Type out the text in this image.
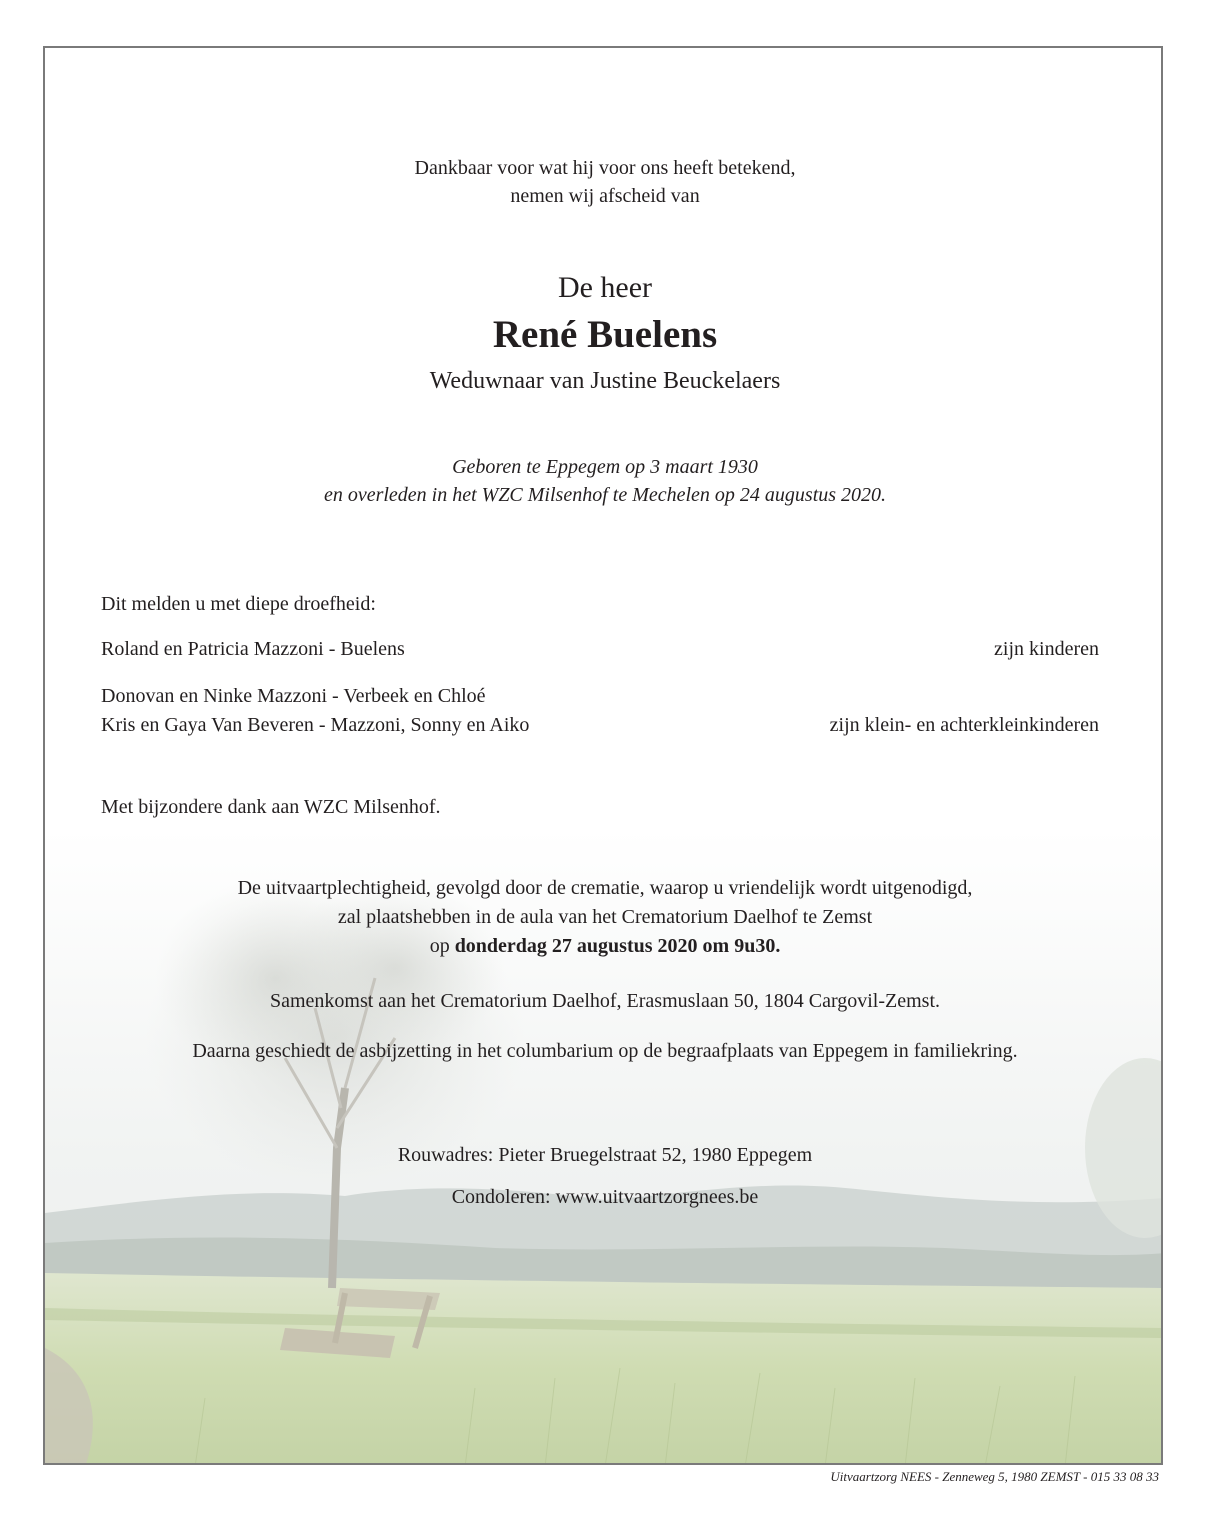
Dankbaar voor wat hij voor ons heeft betekend,
nemen wij afscheid van
De heer
René Buelens
Weduwnaar van Justine Beuckelaers
Geboren te Eppegem op 3 maart 1930
en overleden in het WZC Milsenhof te Mechelen op 24 augustus 2020.
Dit melden u met diepe droefheid:
Roland en Patricia Mazzoni - Buelens	zijn kinderen
Donovan en Ninke Mazzoni - Verbeek en Chloé
Kris en Gaya Van Beveren - Mazzoni, Sonny en Aiko	zijn klein- en achterkleinkinderen
Met bijzondere dank aan WZC Milsenhof.
De uitvaartplechtigheid, gevolgd door de crematie, waarop u vriendelijk wordt uitgenodigd,
zal plaatshebben in de aula van het Crematorium Daelhof te Zemst
op donderdag 27 augustus 2020 om 9u30.
Samenkomst aan het Crematorium Daelhof, Erasmuslaan 50, 1804 Cargovil-Zemst.
Daarna geschiedt de asbijzetting in het columbarium op de begraafplaats van Eppegem in familiekring.
Rouwadres: Pieter Bruegelstraat 52, 1980 Eppegem
Condoleren: www.uitvaartzorgnees.be
Uitvaartzorg NEES - Zenneweg 5, 1980 ZEMST - 015 33 08 33
